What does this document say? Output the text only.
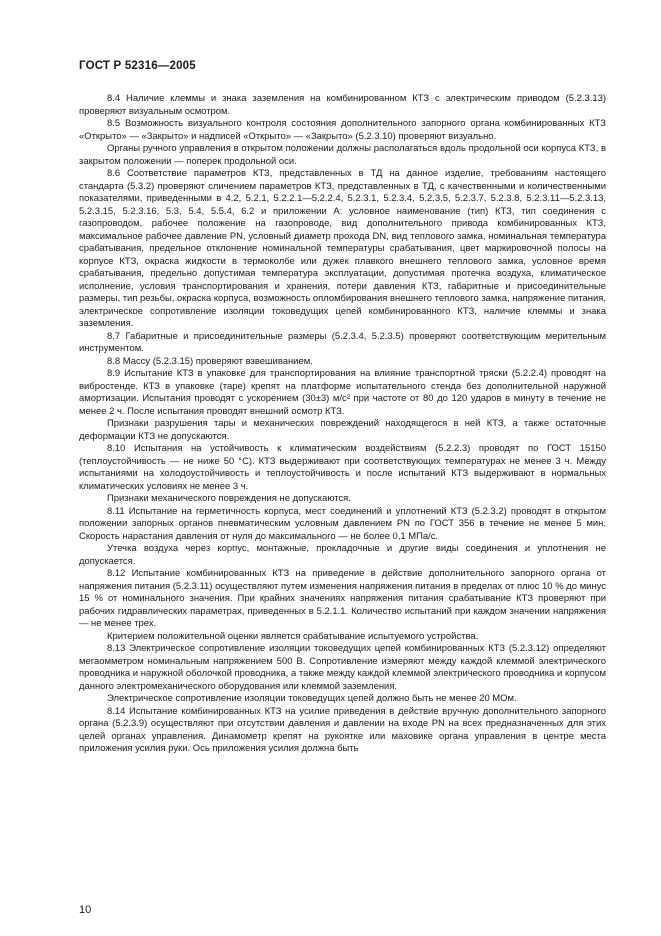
ГОСТ Р 52316—2005

8.4 Наличие клеммы и знака заземления на комбинированном КТЗ с электрическим приводом (5.2.3.13) проверяют визуальным осмотром.

8.5 Возможность визуального контроля состояния дополнительного запорного органа комбинированных КТЗ «Открыто» — «Закрыто» и надписей «Открыто» — «Закрыто» (5.2.3.10) проверяют визуально.

Органы ручного управления в открытом положении должны располагаться вдоль продольной оси корпуса КТЗ, в закрытом положении — поперек продольной оси.

8.6 Соответствие параметров КТЗ, представленных в ТД на данное изделие, требованиям настоящего стандарта (5.3.2) проверяют сличением параметров КТЗ, представленных в ТД, с качественными и количественными показателями, приведенными в 4.2, 5.2.1, 5.2.2.1—5.2.2.4, 5.2.3.1, 5.2.3.4, 5.2.3.5, 5.2.3.7, 5.2.3.8, 5.2.3.11—5.2.3.13, 5.2.3.15, 5.2.3.16, 5.3, 5.4, 5.5.4, 6.2 и приложении А: условное наименование (тип) КТЗ, тип соединения с газопроводом, рабочее положение на газопроводе, вид дополнительного привода комбинированных КТЗ, максимальное рабочее давление PN, условный диаметр прохода DN, вид теплового замка, номинальная температура срабатывания, предельное отклонение номинальной температуры срабатывания, цвет маркировочной полосы на корпусе КТЗ, окраска жидкости в термоколбе или дужек плавкого внешнего теплового замка, условное время срабатывания, предельно допустимая температура эксплуатации, допустимая протечка воздуха, климатическое исполнение, условия транспортирования и хранения, потери давления КТЗ, габаритные и присоединительные размеры, тип резьбы, окраска корпуса, возможность опломбирования внешнего теплового замка, напряжение питания, электрическое сопротивление изоляции токоведущих цепей комбинированного КТЗ, наличие клеммы и знака заземления.

8.7 Габаритные и присоединительные размеры (5.2.3.4, 5.2.3.5) проверяют соответствующим мерительным инструментом.

8.8 Массу (5.2.3.15) проверяют взвешиванием.

8.9 Испытание КТЗ в упаковке для транспортирования на влияние транспортной тряски (5.2.2.4) проводят на вибростенде. КТЗ в упаковке (таре) крепят на платформе испытательного стенда без дополнительной наружной амортизации. Испытания проводят с ускорением (30±3) м/с² при частоте от 80 до 120 ударов в минуту в течение не менее 2 ч. После испытания проводят внешний осмотр КТЗ.

Признаки разрушения тары и механических повреждений находящегося в ней КТЗ, а также остаточные деформации КТЗ не допускаются.

8.10 Испытания на устойчивость к климатическим воздействиям (5.2.2.3) проводят по ГОСТ 15150 (теплоустойчивость — не ниже 50 °С). КТЗ выдерживают при соответствующих температурах не менее 3 ч. Между испытаниями на холодоустойчивость и теплоустойчивость и после испытаний КТЗ выдерживают в нормальных климатических условиях не менее 3 ч.

Признаки механического повреждения не допускаются.

8.11 Испытание на герметичность корпуса, мест соединений и уплотнений КТЗ (5.2.3.2) проводят в открытом положении запорных органов пневматическим условным давлением PN по ГОСТ 356 в течение не менее 5 мин. Скорость нарастания давления от нуля до максимального — не более 0,1 МПа/с.

Утечка воздуха через корпус, монтажные, прокладочные и другие виды соединения и уплотнения не допускается.

8.12 Испытание комбинированных КТЗ на приведение в действие дополнительного запорного органа от напряжения питания (5.2.3.11) осуществляют путем изменения напряжения питания в пределах от плюс 10 % до минус 15 % от номинального значения. При крайних значениях напряжения питания срабатывание КТЗ проверяют при рабочих гидравлических параметрах, приведенных в 5.2.1.1. Количество испытаний при каждом значении напряжения — не менее трех.

Критерием положительной оценки является срабатывание испытуемого устройства.

8.13 Электрическое сопротивление изоляции токоведущих цепей комбинированных КТЗ (5.2.3.12) определяют мегаомметром номинальным напряжением 500 В. Сопротивление измеряют между каждой клеммой электрического проводника и наружной оболочкой проводника, а также между каждой клеммой электрического проводника и корпусом данного электромеханического оборудования или клеммой заземления.

Электрическое сопротивление изоляции токоведущих цепей должно быть не менее 20 МОм.

8.14 Испытание комбинированных КТЗ на усилие приведения в действие вручную дополнительного запорного органа (5.2.3.9) осуществляют при отсутствии давления и давлении на входе PN на всех предназначенных для этих целей органах управления. Динамометр крепят на рукоятке или маховике органа управления в центре места приложения усилия руки. Ось приложения усилия должна быть

10
